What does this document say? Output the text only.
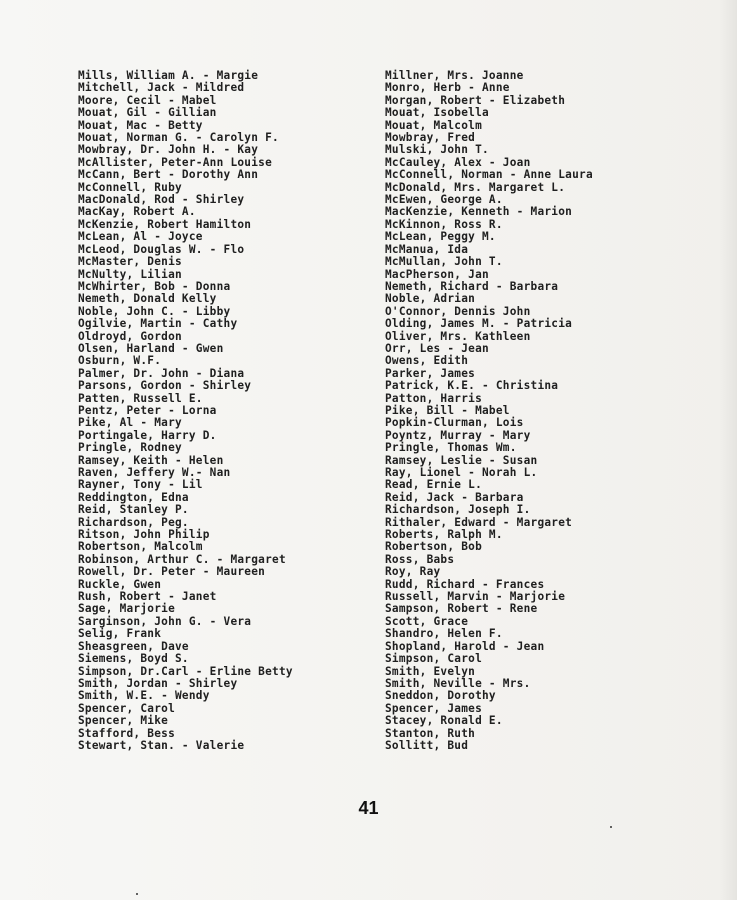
Mills, William A. - Margie
Mitchell, Jack - Mildred
Moore, Cecil - Mabel
Mouat, Gil - Gillian
Mouat, Mac - Betty
Mouat, Norman G. - Carolyn F.
Mowbray, Dr. John H. - Kay
McAllister, Peter-Ann Louise
McCann, Bert - Dorothy Ann
McConnell, Ruby
MacDonald, Rod - Shirley
MacKay, Robert A.
McKenzie, Robert Hamilton
McLean, Al - Joyce
McLeod, Douglas W. - Flo
McMaster, Denis
McNulty, Lilian
McWhirter, Bob - Donna
Nemeth, Donald Kelly
Noble, John C. - Libby
Ogilvie, Martin - Cathy
Oldroyd, Gordon
Olsen, Harland - Gwen
Osburn, W.F.
Palmer, Dr. John - Diana
Parsons, Gordon - Shirley
Patten, Russell E.
Pentz, Peter - Lorna
Pike, Al - Mary
Portingale, Harry D.
Pringle, Rodney
Ramsey, Keith - Helen
Raven, Jeffery W.- Nan
Rayner, Tony - Lil
Reddington, Edna
Reid, Stanley P.
Richardson, Peg.
Ritson, John Philip
Robertson, Malcolm
Robinson, Arthur C. - Margaret
Rowell, Dr. Peter - Maureen
Ruckle, Gwen
Rush, Robert - Janet
Sage, Marjorie
Sarginson, John G. - Vera
Selig, Frank
Sheasgreen, Dave
Siemens, Boyd S.
Simpson, Dr.Carl - Erline Betty
Smith, Jordan - Shirley
Smith, W.E. - Wendy
Spencer, Carol
Spencer, Mike
Stafford, Bess
Stewart, Stan. - Valerie
Millner, Mrs. Joanne
Monro, Herb - Anne
Morgan, Robert - Elizabeth
Mouat, Isobella
Mouat, Malcolm
Mowbray, Fred
Mulski, John T.
McCauley, Alex - Joan
McConnell, Norman - Anne Laura
McDonald, Mrs. Margaret L.
McEwen, George A.
MacKenzie, Kenneth - Marion
McKinnon, Ross R.
McLean, Peggy M.
McManua, Ida
McMullan, John T.
MacPherson, Jan
Nemeth, Richard - Barbara
Noble, Adrian
O'Connor, Dennis John
Olding, James M. - Patricia
Oliver, Mrs. Kathleen
Orr, Les - Jean
Owens, Edith
Parker, James
Patrick, K.E. - Christina
Patton, Harris
Pike, Bill - Mabel
Popkin-Clurman, Lois
Poyntz, Murray - Mary
Pringle, Thomas Wm.
Ramsey, Leslie - Susan
Ray, Lionel - Norah L.
Read, Ernie L.
Reid, Jack - Barbara
Richardson, Joseph I.
Rithaler, Edward - Margaret
Roberts, Ralph M.
Robertson, Bob
Ross, Babs
Roy, Ray
Rudd, Richard - Frances
Russell, Marvin - Marjorie
Sampson, Robert - Rene
Scott, Grace
Shandro, Helen F.
Shopland, Harold - Jean
Simpson, Carol
Smith, Evelyn
Smith, Neville - Mrs.
Sneddon, Dorothy
Spencer, James
Stacey, Ronald E.
Stanton, Ruth
Sollitt, Bud
41
